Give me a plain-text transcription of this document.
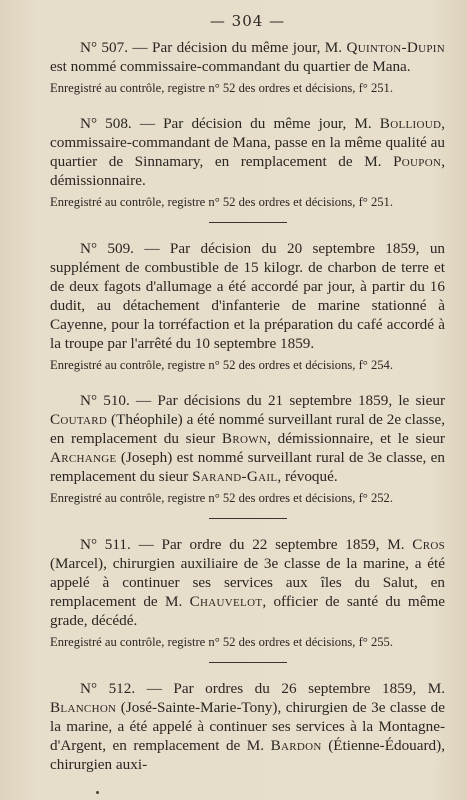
— 304 —

N° 507. — Par décision du même jour, M. Quinton-Dupin est nommé commissaire-commandant du quartier de Mana.

Enregistré au contrôle, registre n° 52 des ordres et décisions, f° 251.

N° 508. — Par décision du même jour, M. Bollioud, commissaire-commandant de Mana, passe en la même qualité au quartier de Sinnamary, en remplacement de M. Poupon, démissionnaire.

Enregistré au contrôle, registre n° 52 des ordres et décisions, f° 251.

N° 509. — Par décision du 20 septembre 1859, un supplément de combustible de 15 kilogr. de charbon de terre et de deux fagots d'allumage a été accordé par jour, à partir du 16 dudit, au détachement d'infanterie de marine stationné à Cayenne, pour la torréfaction et la préparation du café accordé à la troupe par l'arrêté du 10 septembre 1859.

Enregistré au contrôle, registre n° 52 des ordres et décisions, f° 254.

N° 510. — Par décisions du 21 septembre 1859, le sieur Coutard (Théophile) a été nommé surveillant rural de 2e classe, en remplacement du sieur Brown, démissionnaire, et le sieur Archange (Joseph) est nommé surveillant rural de 3e classe, en remplacement du sieur Sarand-Gail, révoqué.

Enregistré au contrôle, registre n° 52 des ordres et décisions, f° 252.

N° 511. — Par ordre du 22 septembre 1859, M. Cros (Marcel), chirurgien auxiliaire de 3e classe de la marine, a été appelé à continuer ses services aux îles du Salut, en remplacement de M. Chauvelot, officier de santé du même grade, décédé.

Enregistré au contrôle, registre n° 52 des ordres et décisions, f° 255.

N° 512. — Par ordres du 26 septembre 1859, M. Blanchon (José-Sainte-Marie-Tony), chirurgien de 3e classe de la marine, a été appelé à continuer ses services à la Montagne-d'Argent, en remplacement de M. Bardon (Étienne-Édouard), chirurgien auxi-
